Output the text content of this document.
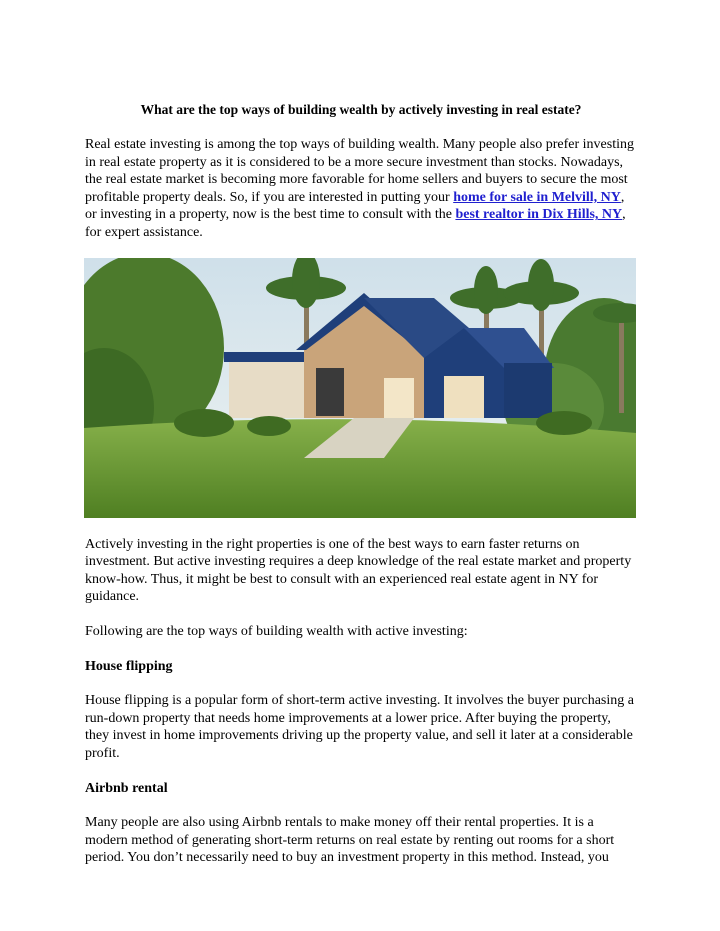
What are the top ways of building wealth by actively investing in real estate?

Real estate investing is among the top ways of building wealth. Many people also prefer investing in real estate property as it is considered to be a more secure investment than stocks. Nowadays, the real estate market is becoming more favorable for home sellers and buyers to secure the most profitable property deals. So, if you are interested in putting your home for sale in Melvill, NY, or investing in a property, now is the best time to consult with the best realtor in Dix Hills, NY, for expert assistance.

Actively investing in the right properties is one of the best ways to earn faster returns on investment. But active investing requires a deep knowledge of the real estate market and property know-how. Thus, it might be best to consult with an experienced real estate agent in NY for guidance.

Following are the top ways of building wealth with active investing:

House flipping

House flipping is a popular form of short-term active investing. It involves the buyer purchasing a run-down property that needs home improvements at a lower price. After buying the property, they invest in home improvements driving up the property value, and sell it later at a considerable profit.

Airbnb rental

Many people are also using Airbnb rentals to make money off their rental properties. It is a modern method of generating short-term returns on real estate by renting out rooms for a short period. You don’t necessarily need to buy an investment property in this method. Instead, you
